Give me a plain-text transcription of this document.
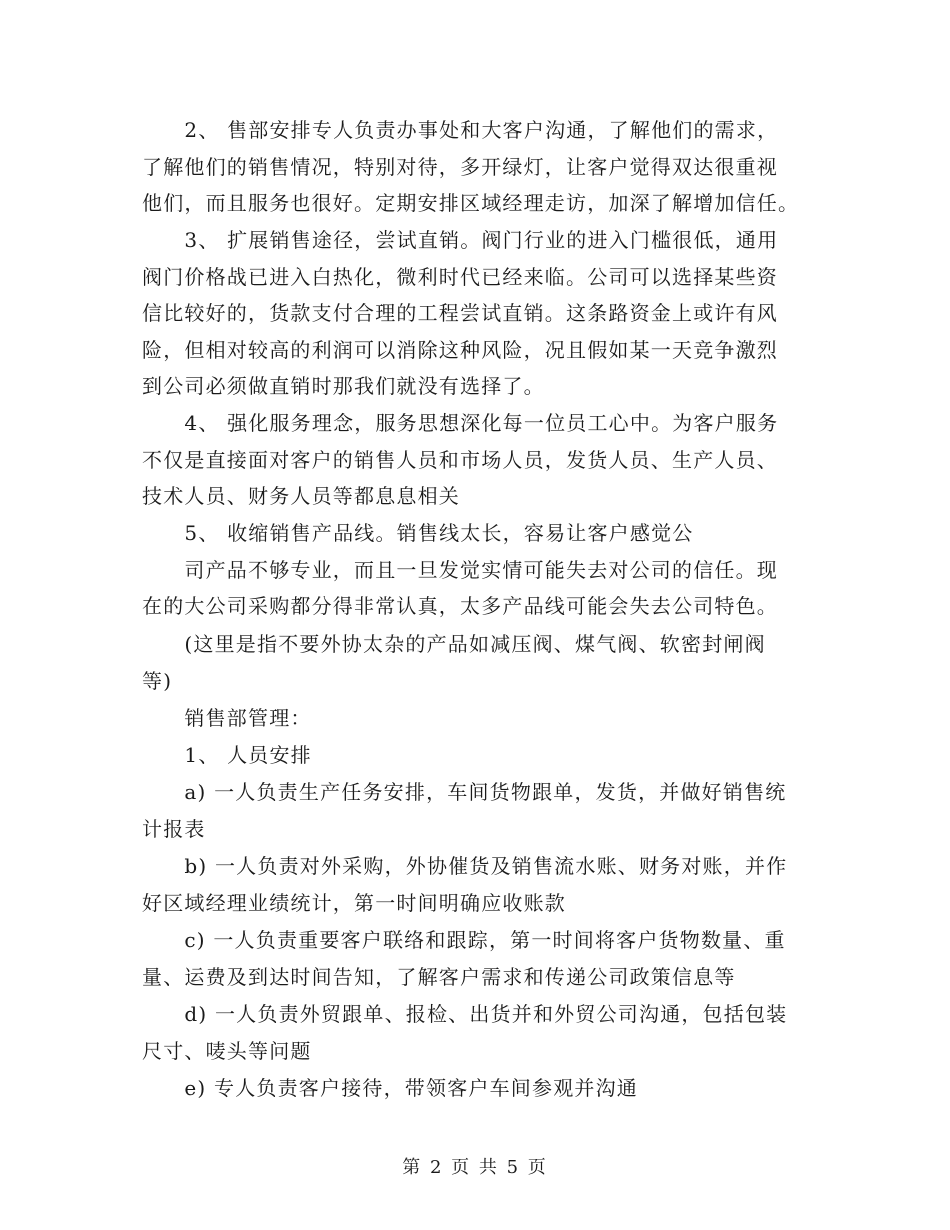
　　2、 售部安排专人负责办事处和大客户沟通，了解他们的需求，
了解他们的销售情况，特别对待，多开绿灯，让客户觉得双达很重视
他们，而且服务也很好。定期安排区域经理走访，加深了解增加信任。
　　3、 扩展销售途径，尝试直销。阀门行业的进入门槛很低，通用
阀门价格战已进入白热化，微利时代已经来临。公司可以选择某些资
信比较好的，货款支付合理的工程尝试直销。这条路资金上或许有风
险，但相对较高的利润可以消除这种风险，况且假如某一天竞争激烈
到公司必须做直销时那我们就没有选择了。
　　4、 强化服务理念，服务思想深化每一位员工心中。为客户服务
不仅是直接面对客户的销售人员和市场人员，发货人员、生产人员、
技术人员、财务人员等都息息相关
　　5、 收缩销售产品线。销售线太长，容易让客户感觉公
　　司产品不够专业，而且一旦发觉实情可能失去对公司的信任。现
在的大公司采购都分得非常认真，太多产品线可能会失去公司特色。
　　(这里是指不要外协太杂的产品如减压阀、煤气阀、软密封闸阀
等)
　　销售部管理：
　　1、 人员安排
　　a) 一人负责生产任务安排，车间货物跟单，发货，并做好销售统
计报表
　　b) 一人负责对外采购，外协催货及销售流水账、财务对账，并作
好区域经理业绩统计，第一时间明确应收账款
　　c) 一人负责重要客户联络和跟踪，第一时间将客户货物数量、重
量、运费及到达时间告知，了解客户需求和传递公司政策信息等
　　d) 一人负责外贸跟单、报检、出货并和外贸公司沟通，包括包装
尺寸、唛头等问题
　　e) 专人负责客户接待，带领客户车间参观并沟通
第 2 页 共 5 页
